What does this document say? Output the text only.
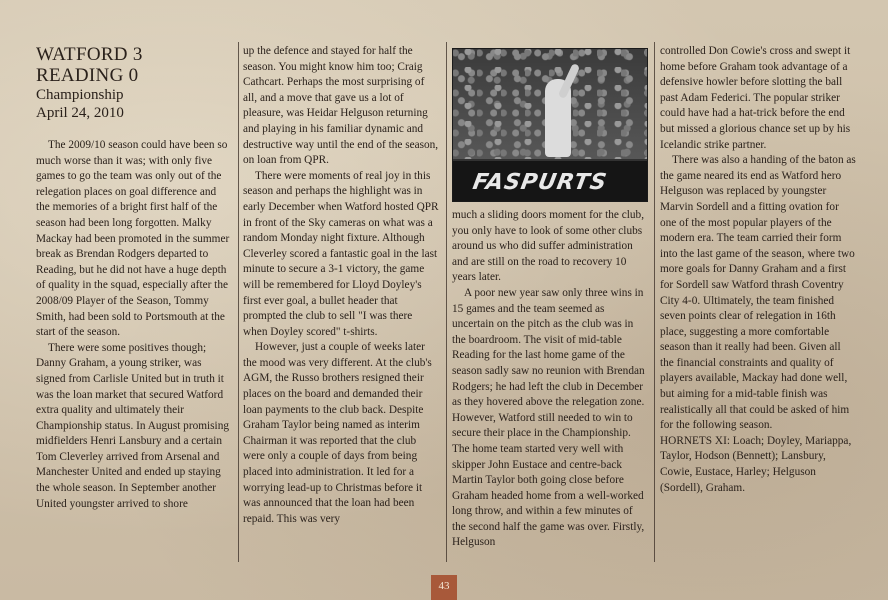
WATFORD 3
READING 0
Championship
April 24, 2010

The 2009/10 season could have been so much worse than it was; with only five games to go the team was only out of the relegation places on goal difference and the memories of a bright first half of the season had been long forgotten. Malky Mackay had been promoted in the summer break as Brendan Rodgers departed to Reading, but he did not have a huge depth of quality in the squad, especially after the 2008/09 Player of the Season, Tommy Smith, had been sold to Portsmouth at the start of the season.

There were some positives though; Danny Graham, a young striker, was signed from Carlisle United but in truth it was the loan market that secured Watford extra quality and ultimately their Championship status. In August promising midfielders Henri Lansbury and a certain Tom Cleverley arrived from Arsenal and Manchester United and ended up staying the whole season. In September another United youngster arrived to shore

up the defence and stayed for half the season. You might know him too; Craig Cathcart. Perhaps the most surprising of all, and a move that gave us a lot of pleasure, was Heidar Helguson returning and playing in his familiar dynamic and destructive way until the end of the season, on loan from QPR.

There were moments of real joy in this season and perhaps the highlight was in early December when Watford hosted QPR in front of the Sky cameras on what was a random Monday night fixture. Although Cleverley scored a fantastic goal in the last minute to secure a 3-1 victory, the game will be remembered for Lloyd Doyley's first ever goal, a bullet header that prompted the club to sell "I was there when Doyley scored" t-shirts.

However, just a couple of weeks later the mood was very different. At the club's AGM, the Russo brothers resigned their places on the board and demanded their loan payments to the club back. Despite Graham Taylor being named as interim Chairman it was reported that the club were only a couple of days from being placed into administration. It led for a worrying lead-up to Christmas before it was announced that the loan had been repaid. This was very

FASPURTS

much a sliding doors moment for the club, you only have to look of some other clubs around us who did suffer administration and are still on the road to recovery 10 years later.

A poor new year saw only three wins in 15 games and the team seemed as uncertain on the pitch as the club was in the boardroom. The visit of mid-table Reading for the last home game of the season sadly saw no reunion with Brendan Rodgers; he had left the club in December as they hovered above the relegation zone. However, Watford still needed to win to secure their place in the Championship. The home team started very well with skipper John Eustace and centre-back Martin Taylor both going close before Graham headed home from a well-worked long throw, and within a few minutes of the second half the game was over. Firstly, Helguson

controlled Don Cowie's cross and swept it home before Graham took advantage of a defensive howler before slotting the ball past Adam Federici. The popular striker could have had a hat-trick before the end but missed a glorious chance set up by his Icelandic strike partner.

There was also a handing of the baton as the game neared its end as Watford hero Helguson was replaced by youngster Marvin Sordell and a fitting ovation for one of the most popular players of the modern era. The team carried their form into the last game of the season, where two more goals for Danny Graham and a first for Sordell saw Watford thrash Coventry City 4-0. Ultimately, the team finished seven points clear of relegation in 16th place, suggesting a more comfortable season than it really had been. Given all the financial constraints and quality of players available, Mackay had done well, but aiming for a mid-table finish was realistically all that could be asked of him for the following season.

HORNETS XI: Loach; Doyley, Mariappa, Taylor, Hodson (Bennett); Lansbury, Cowie, Eustace, Harley; Helguson (Sordell), Graham.

43
